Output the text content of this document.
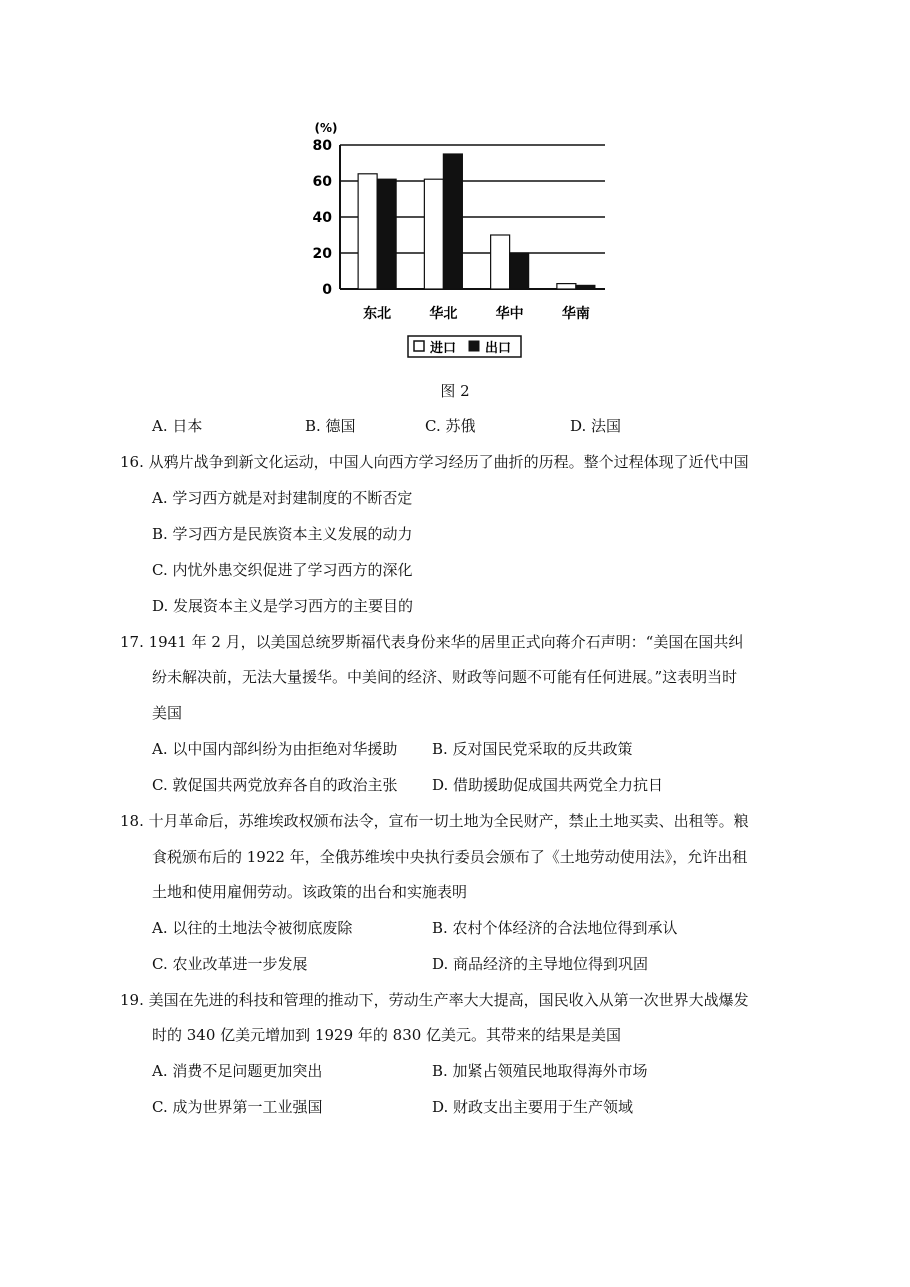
0
20
40
60
80
(%)
东北	华北	华中	华南
进口 出口
图 2
A. 日本	B. 德国	C. 苏俄	D. 法国
16. 从鸦片战争到新文化运动，中国人向西方学习经历了曲折的历程。整个过程体现了近代中国
A. 学习西方就是对封建制度的不断否定
B. 学习西方是民族资本主义发展的动力
C. 内忧外患交织促进了学习西方的深化
D. 发展资本主义是学习西方的主要目的
17. 1941 年 2 月，以美国总统罗斯福代表身份来华的居里正式向蒋介石声明：“美国在国共纠
纷未解决前，无法大量援华。中美间的经济、财政等问题不可能有任何进展。”这表明当时
美国
A. 以中国内部纠纷为由拒绝对华援助 B. 反对国民党采取的反共政策
C. 敦促国共两党放弃各自的政治主张 D. 借助援助促成国共两党全力抗日
18. 十月革命后，苏维埃政权颁布法令，宣布一切土地为全民财产，禁止土地买卖、出租等。粮
食税颁布后的 1922 年，全俄苏维埃中央执行委员会颁布了《土地劳动使用法》，允许出租
土地和使用雇佣劳动。该政策的出台和实施表明
A. 以往的土地法令被彻底废除	B. 农村个体经济的合法地位得到承认
C. 农业改革进一步发展	D. 商品经济的主导地位得到巩固
19. 美国在先进的科技和管理的推动下，劳动生产率大大提高，国民收入从第一次世界大战爆发
时的 340 亿美元增加到 1929 年的 830 亿美元。其带来的结果是美国
A. 消费不足问题更加突出	B. 加紧占领殖民地取得海外市场
C. 成为世界第一工业强国	D. 财政支出主要用于生产领域
